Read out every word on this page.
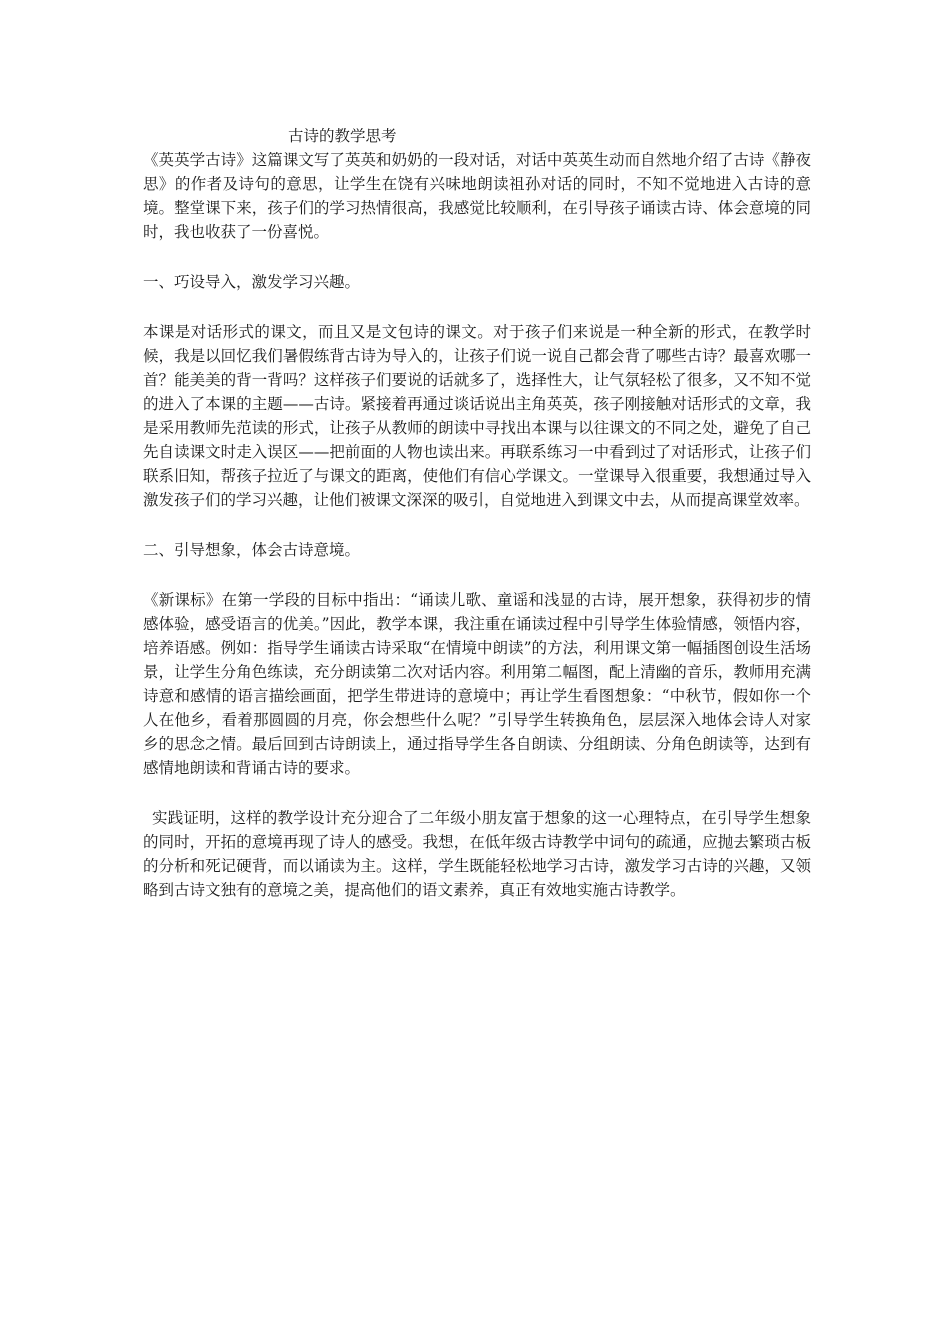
古诗的教学思考

《英英学古诗》这篇课文写了英英和奶奶的一段对话，对话中英英生动而自然地介绍了古诗《静夜思》的作者及诗句的意思，让学生在饶有兴味地朗读祖孙对话的同时，不知不觉地进入古诗的意境。整堂课下来，孩子们的学习热情很高，我感觉比较顺利，在引导孩子诵读古诗、体会意境的同时，我也收获了一份喜悦。

一、巧设导入，激发学习兴趣。

本课是对话形式的课文，而且又是文包诗的课文。对于孩子们来说是一种全新的形式，在教学时候，我是以回忆我们暑假练背古诗为导入的，让孩子们说一说自己都会背了哪些古诗？最喜欢哪一首？能美美的背一背吗？这样孩子们要说的话就多了，选择性大，让气氛轻松了很多，又不知不觉的进入了本课的主题——古诗。紧接着再通过谈话说出主角英英，孩子刚接触对话形式的文章，我是采用教师先范读的形式，让孩子从教师的朗读中寻找出本课与以往课文的不同之处，避免了自己先自读课文时走入误区——把前面的人物也读出来。再联系练习一中看到过了对话形式，让孩子们联系旧知，帮孩子拉近了与课文的距离，使他们有信心学课文。一堂课导入很重要，我想通过导入激发孩子们的学习兴趣，让他们被课文深深的吸引，自觉地进入到课文中去，从而提高课堂效率。

二、引导想象，体会古诗意境。

《新课标》在第一学段的目标中指出：“诵读儿歌、童谣和浅显的古诗，展开想象，获得初步的情感体验，感受语言的优美。”因此，教学本课，我注重在诵读过程中引导学生体验情感，领悟内容，培养语感。例如：指导学生诵读古诗采取“在情境中朗读”的方法，利用课文第一幅插图创设生活场景，让学生分角色练读，充分朗读第二次对话内容。利用第二幅图，配上清幽的音乐，教师用充满诗意和感情的语言描绘画面，把学生带进诗的意境中；再让学生看图想象：“中秋节，假如你一个人在他乡，看着那圆圆的月亮，你会想些什么呢？”引导学生转换角色，层层深入地体会诗人对家乡的思念之情。最后回到古诗朗读上，通过指导学生各自朗读、分组朗读、分角色朗读等，达到有感情地朗读和背诵古诗的要求。

实践证明，这样的教学设计充分迎合了二年级小朋友富于想象的这一心理特点，在引导学生想象的同时，开拓的意境再现了诗人的感受。我想，在低年级古诗教学中词句的疏通，应抛去繁琐古板的分析和死记硬背，而以诵读为主。这样，学生既能轻松地学习古诗，激发学习古诗的兴趣，又领略到古诗文独有的意境之美，提高他们的语文素养，真正有效地实施古诗教学。
